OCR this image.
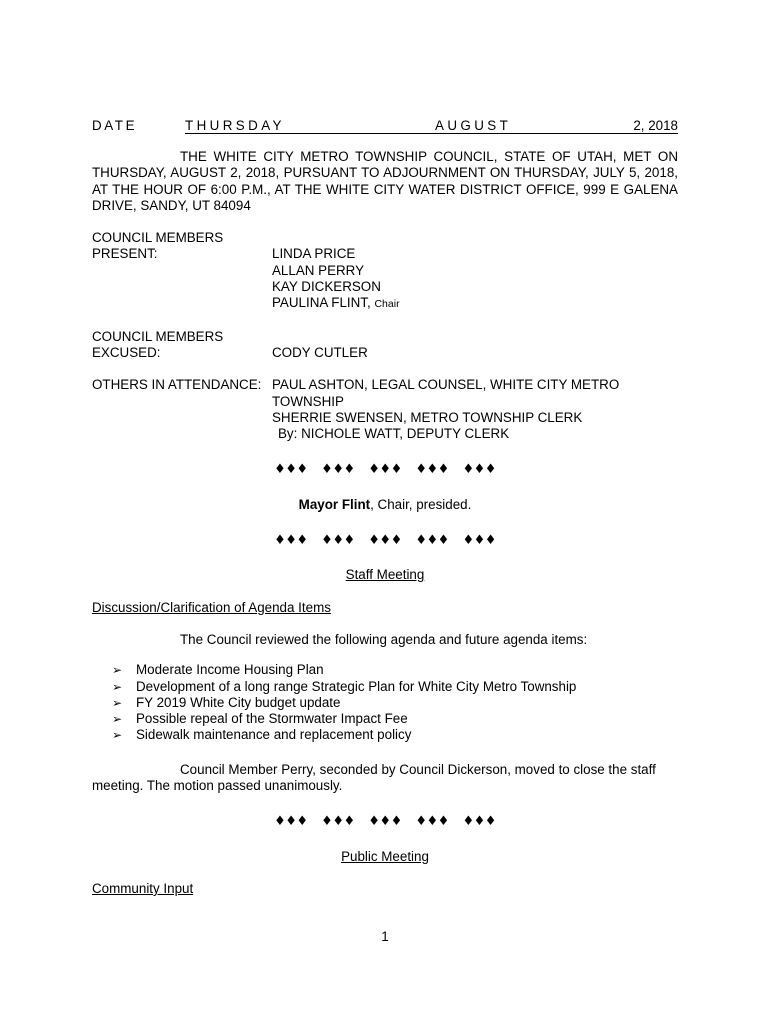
DATE	THURSDAY	AUGUST	2, 2018
THE WHITE CITY METRO TOWNSHIP COUNCIL, STATE OF UTAH, MET ON THURSDAY, AUGUST 2, 2018, PURSUANT TO ADJOURNMENT ON THURSDAY, JULY 5, 2018, AT THE HOUR OF 6:00 P.M., AT THE WHITE CITY WATER DISTRICT OFFICE, 999 E GALENA DRIVE, SANDY, UT 84094
COUNCIL MEMBERS
PRESENT:
	LINDA PRICE
ALLAN PERRY
KAY DICKERSON
PAULINA FLINT, Chair
COUNCIL MEMBERS
EXCUSED:
	CODY CUTLER
OTHERS IN ATTENDANCE: PAUL ASHTON, LEGAL COUNSEL, WHITE CITY METRO
TOWNSHIP
SHERRIE SWENSEN, METRO TOWNSHIP CLERK
By: NICHOLE WATT, DEPUTY CLERK
♦♦♦ ♦♦♦ ♦♦♦ ♦♦♦ ♦♦♦
Mayor Flint, Chair, presided.
♦♦♦ ♦♦♦ ♦♦♦ ♦♦♦ ♦♦♦
Staff Meeting
Discussion/Clarification of Agenda Items
The Council reviewed the following agenda and future agenda items:
➢	Moderate Income Housing Plan
➢	Development of a long range Strategic Plan for White City Metro Township
➢	FY 2019 White City budget update
➢	Possible repeal of the Stormwater Impact Fee
➢	Sidewalk maintenance and replacement policy
Council Member Perry, seconded by Council Dickerson, moved to close the staff meeting. The motion passed unanimously.
♦♦♦ ♦♦♦ ♦♦♦ ♦♦♦ ♦♦♦
Public Meeting
Community Input
1
